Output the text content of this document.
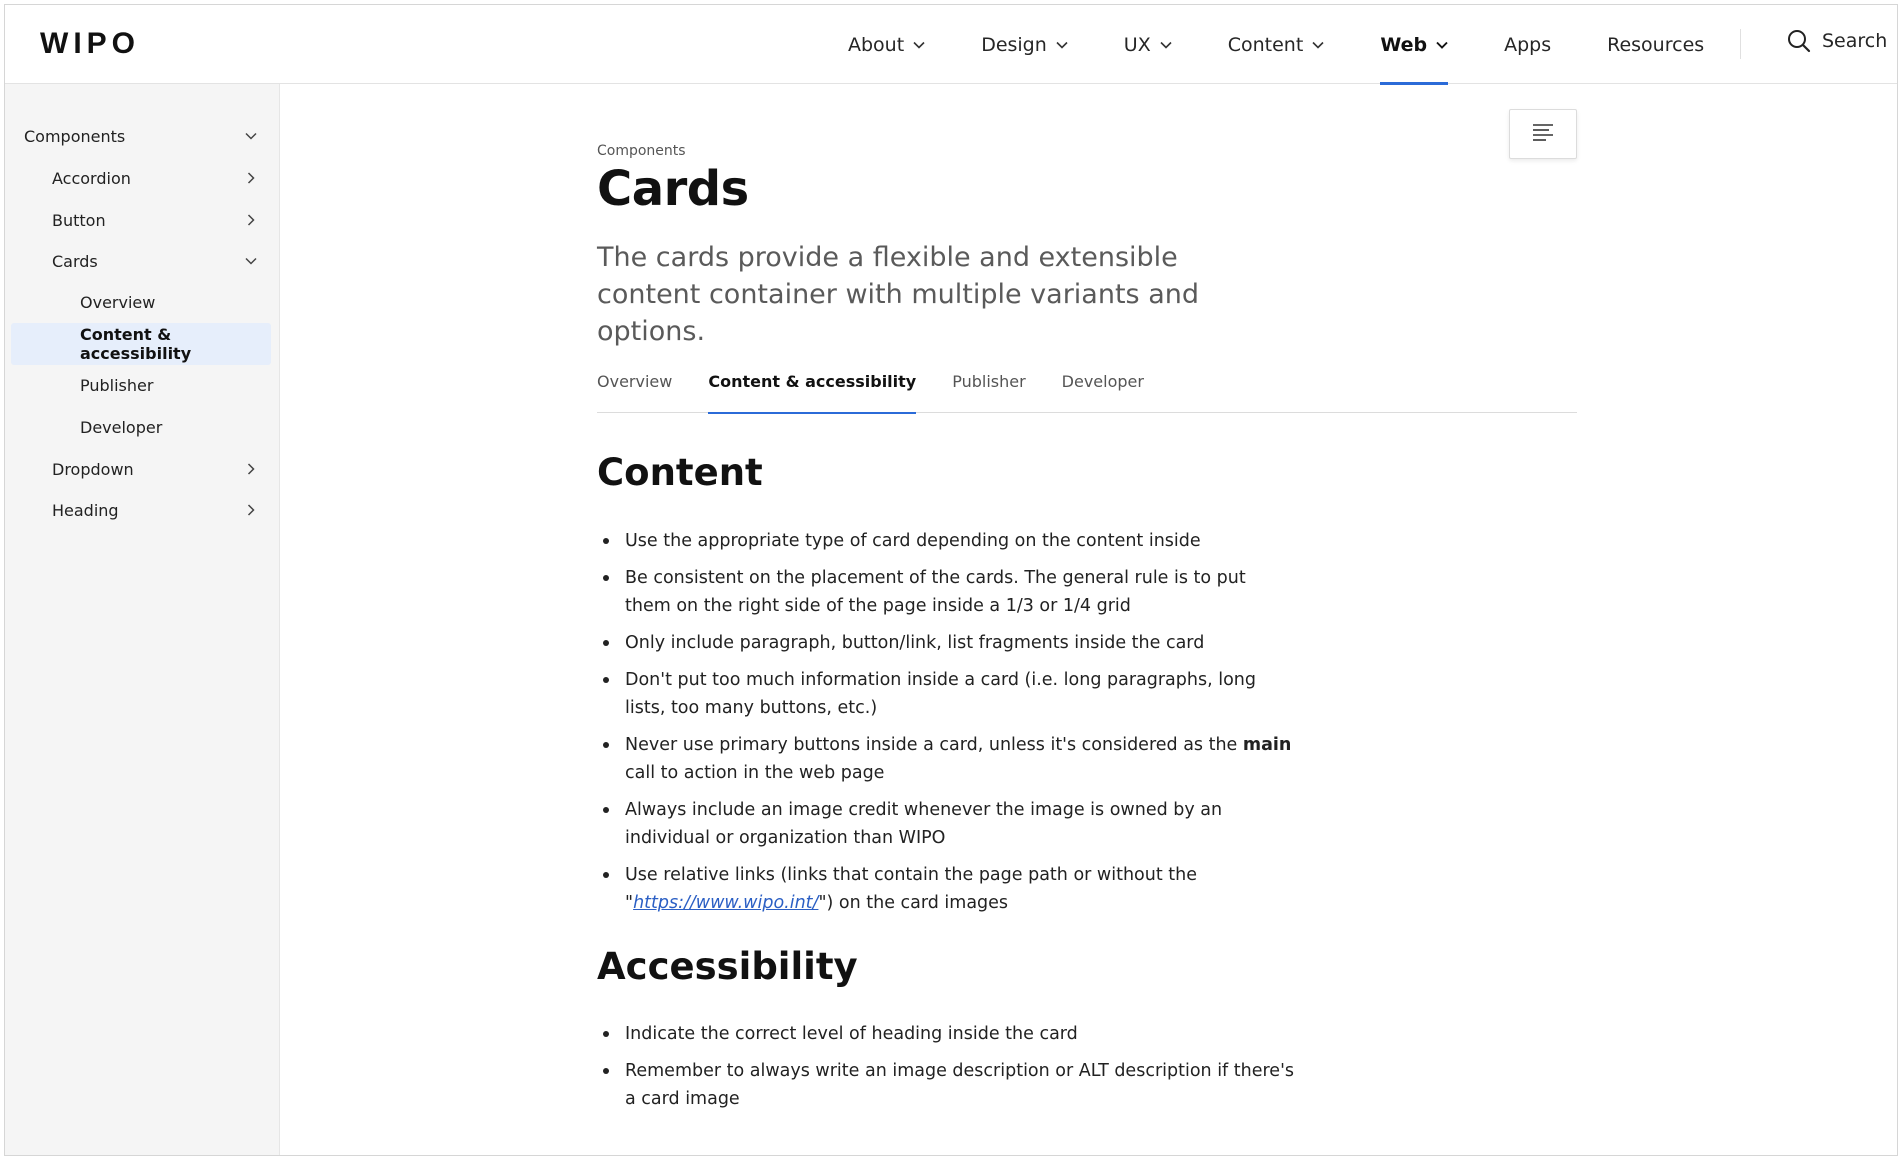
WIPO	About	Design	UX	Content	Web	Apps	Resources	Search
Components
Accordion
Button
Cards
Overview
Content & accessibility
Publisher
Developer
Dropdown
Heading
Components
Cards
The cards provide a flexible and extensible content container with multiple variants and options.
Overview Content & accessibility Publisher Developer
Content
Use the appropriate type of card depending on the content inside
Be consistent on the placement of the cards. The general rule is to put them on the right side of the page inside a 1/3 or 1/4 grid
Only include paragraph, button/link, list fragments inside the card
Don't put too much information inside a card (i.e. long paragraphs, long lists, too many buttons, etc.)
Never use primary buttons inside a card, unless it's considered as the main call to action in the web page
Always include an image credit whenever the image is owned by an individual or organization than WIPO
Use relative links (links that contain the page path or without the "https://www.wipo.int/") on the card images
Accessibility
Indicate the correct level of heading inside the card
Remember to always write an image description or ALT description if there's a card image
